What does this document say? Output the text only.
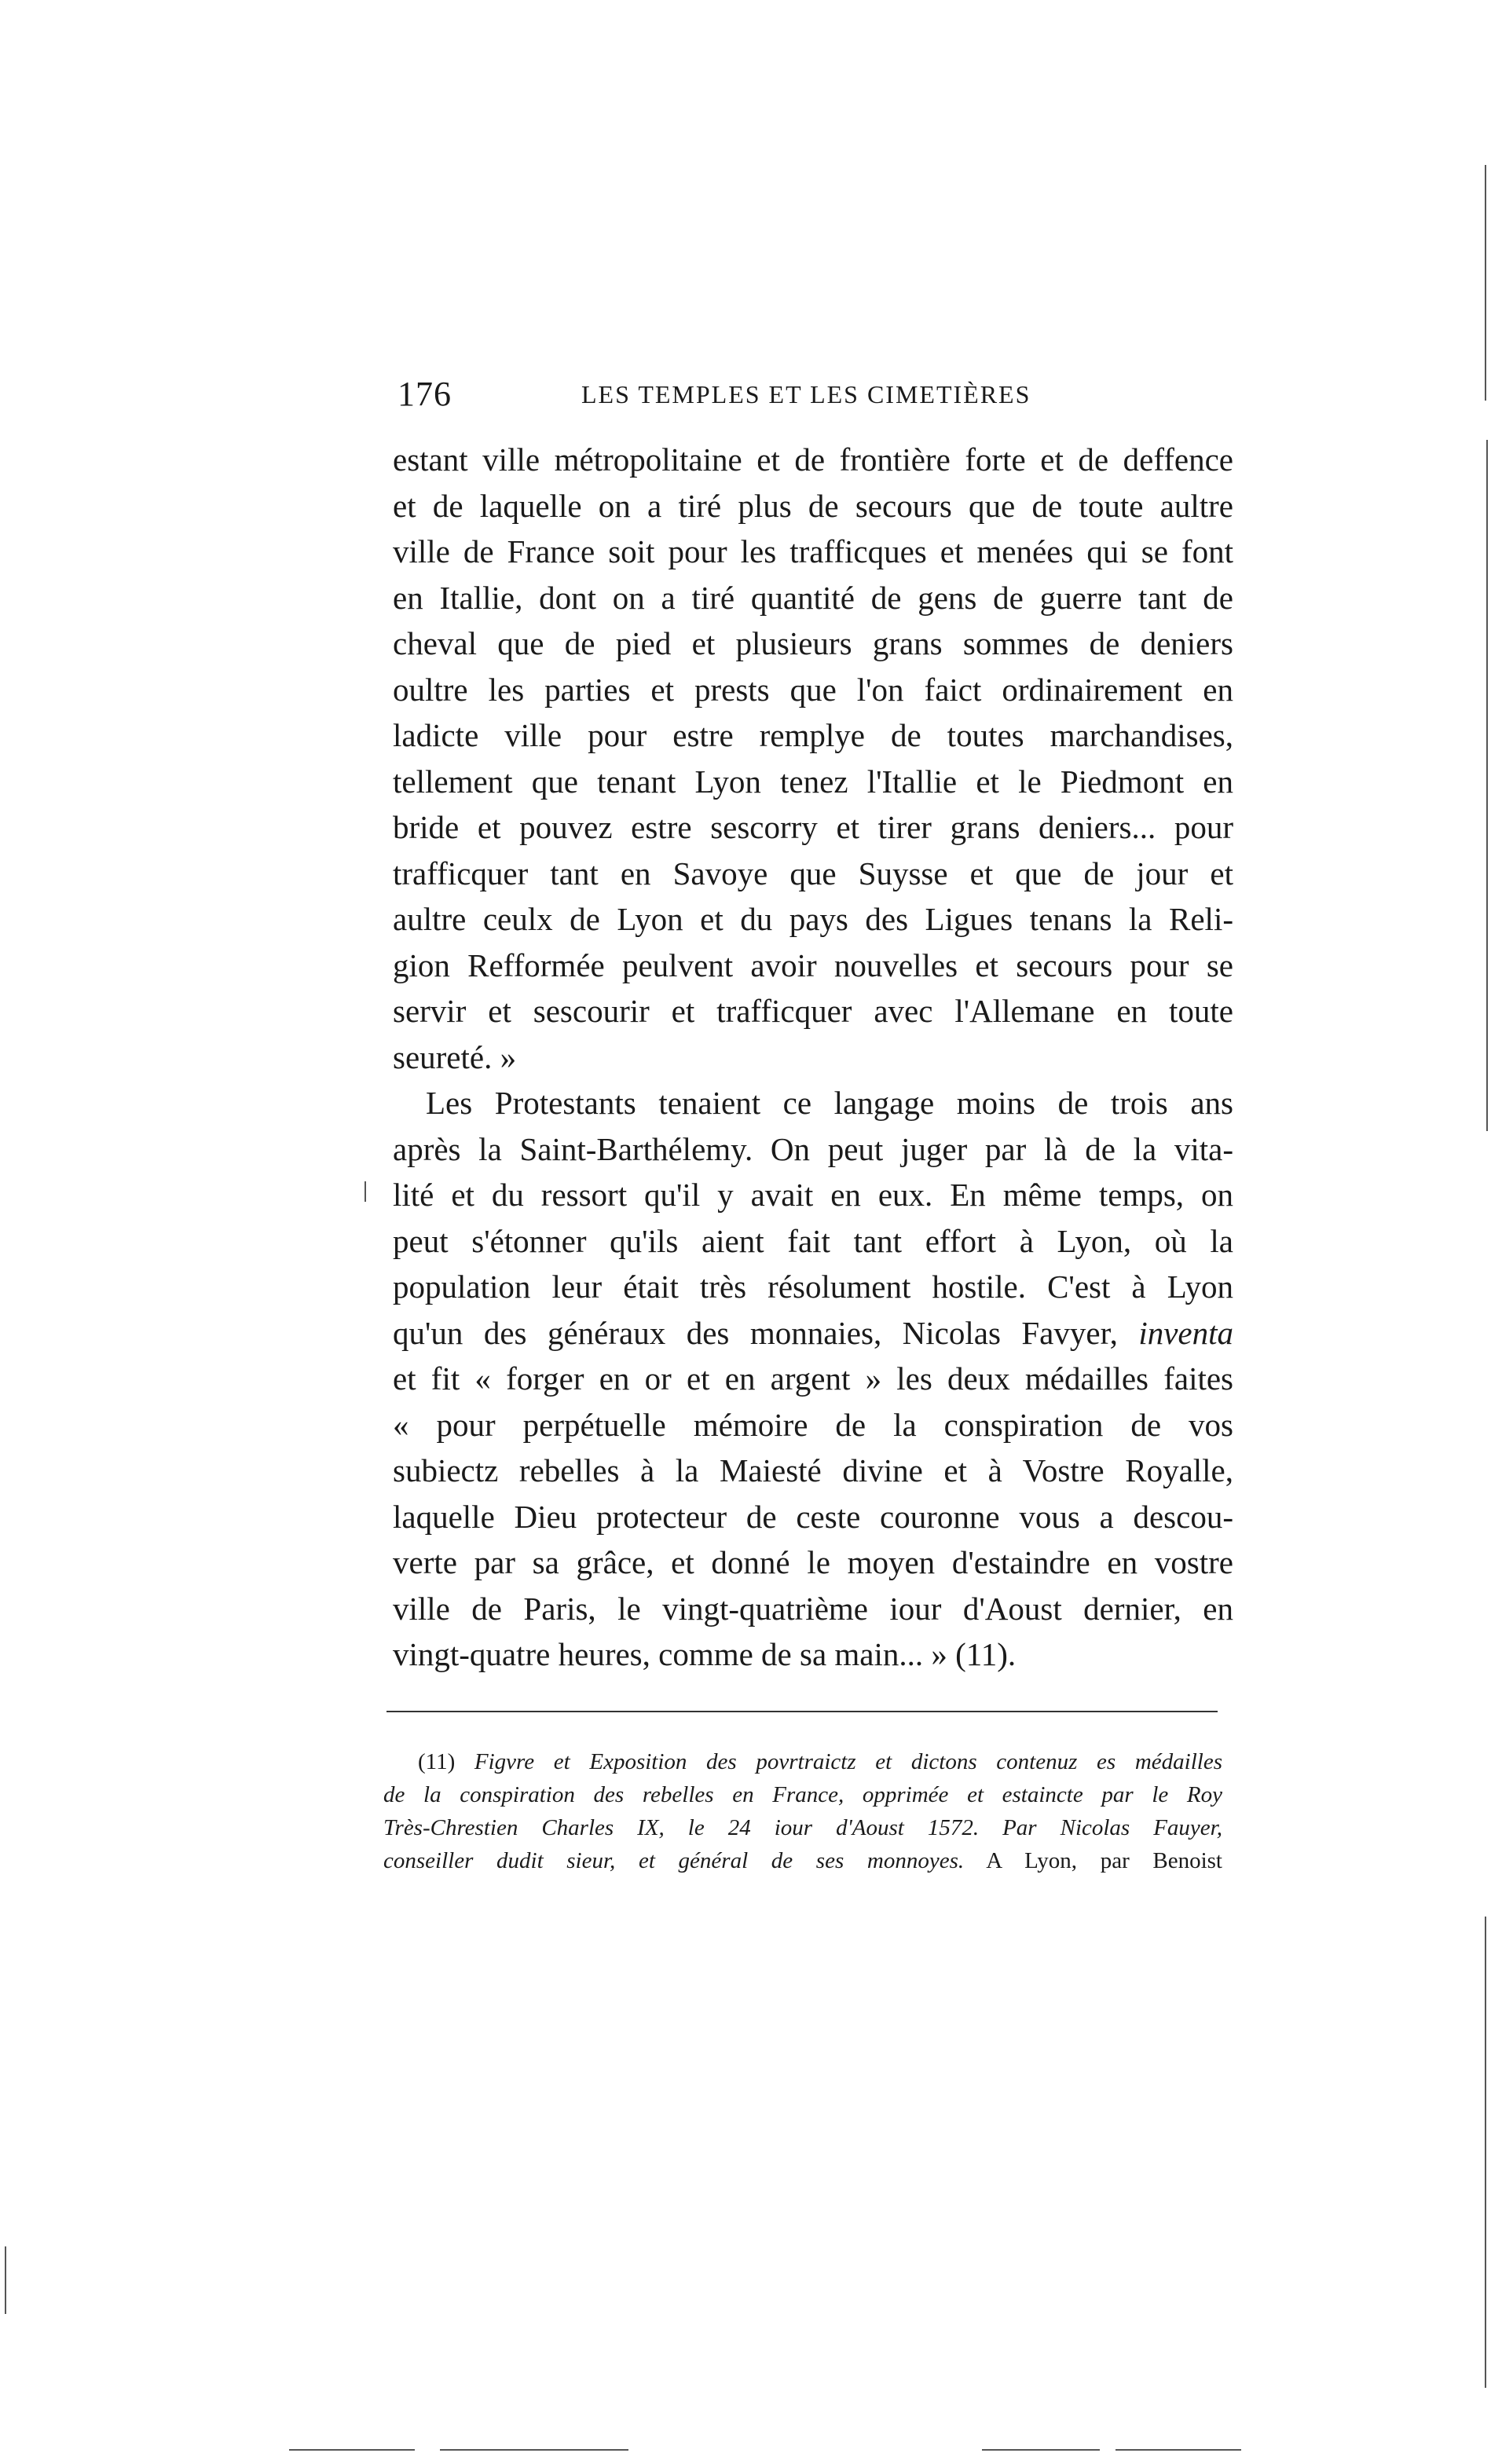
176	LES TEMPLES ET LES CIMETIÈRES
estant ville métropolitaine et de frontière forte et de deffence
et de laquelle on a tiré plus de secours que de toute aultre
ville de France soit pour les trafficques et menées qui se font
en Itallie, dont on a tiré quantité de gens de guerre tant de
cheval que de pied et plusieurs grans sommes de deniers
oultre les parties et prests que l'on faict ordinairement en
ladicte ville pour estre remplye de toutes marchandises,
tellement que tenant Lyon tenez l'Itallie et le Piedmont en
bride et pouvez estre sescorry et tirer grans deniers... pour
trafficquer tant en Savoye que Suysse et que de jour et
aultre ceulx de Lyon et du pays des Ligues tenans la Reli-
gion Refformée peulvent avoir nouvelles et secours pour se
servir et sescourir et trafficquer avec l'Allemane en toute
seureté. »
Les Protestants tenaient ce langage moins de trois ans
après la Saint-Barthélemy. On peut juger par là de la vita-
lité et du ressort qu'il y avait en eux. En même temps, on
peut s'étonner qu'ils aient fait tant effort à Lyon, où la
population leur était très résolument hostile. C'est à Lyon
qu'un des généraux des monnaies, Nicolas Favyer, inventa
et fit « forger en or et en argent » les deux médailles faites
« pour perpétuelle mémoire de la conspiration de vos
subiectz rebelles à la Maiesté divine et à Vostre Royalle,
laquelle Dieu protecteur de ceste couronne vous a descou-
verte par sa grâce, et donné le moyen d'estaindre en vostre
ville de Paris, le vingt-quatrième iour d'Aoust dernier, en
vingt-quatre heures, comme de sa main... » (11).
(11) Figvre et Exposition des povrtraictz et dictons contenuz es médailles
de la conspiration des rebelles en France, opprimée et estaincte par le Roy
Très-Chrestien Charles IX, le 24 iour d'Aoust 1572. Par Nicolas Fauyer,
conseiller dudit sieur, et général de ses monnoyes. A Lyon, par Benoist
